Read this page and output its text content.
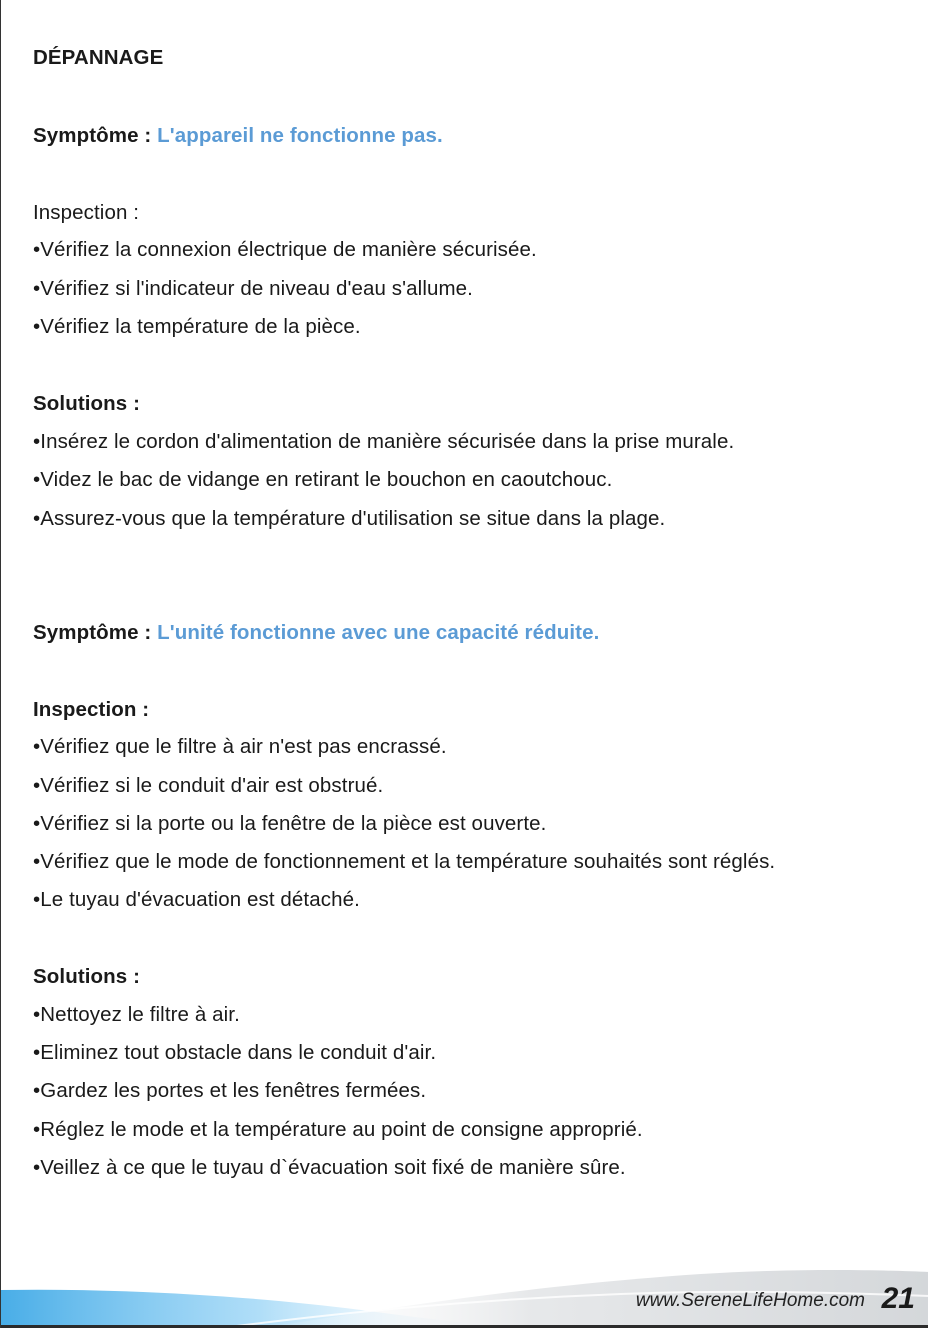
DÉPANNAGE
Symptôme : L'appareil ne fonctionne pas.
Inspection :
•Vérifiez la connexion électrique de manière sécurisée.
•Vérifiez si l'indicateur de niveau d'eau s'allume.
•Vérifiez la température de la pièce.
Solutions :
•Insérez le cordon d'alimentation de manière sécurisée dans la prise murale.
•Videz le bac de vidange en retirant le bouchon en caoutchouc.
•Assurez-vous que la température d'utilisation se situe dans la plage.
Symptôme : L'unité fonctionne avec une capacité réduite.
Inspection :
•Vérifiez que le filtre à air n'est pas encrassé.
•Vérifiez si le conduit d'air est obstrué.
•Vérifiez si la porte ou la fenêtre de la pièce est ouverte.
•Vérifiez que le mode de fonctionnement et la température souhaités sont réglés.
•Le tuyau d'évacuation est détaché.
Solutions :
•Nettoyez le filtre à air.
•Eliminez tout obstacle dans le conduit d'air.
•Gardez les portes et les fenêtres fermées.
•Réglez le mode et la température au point de consigne approprié.
•Veillez à ce que le tuyau d`évacuation soit fixé de manière sûre.
www.SereneLifeHome.com 21
